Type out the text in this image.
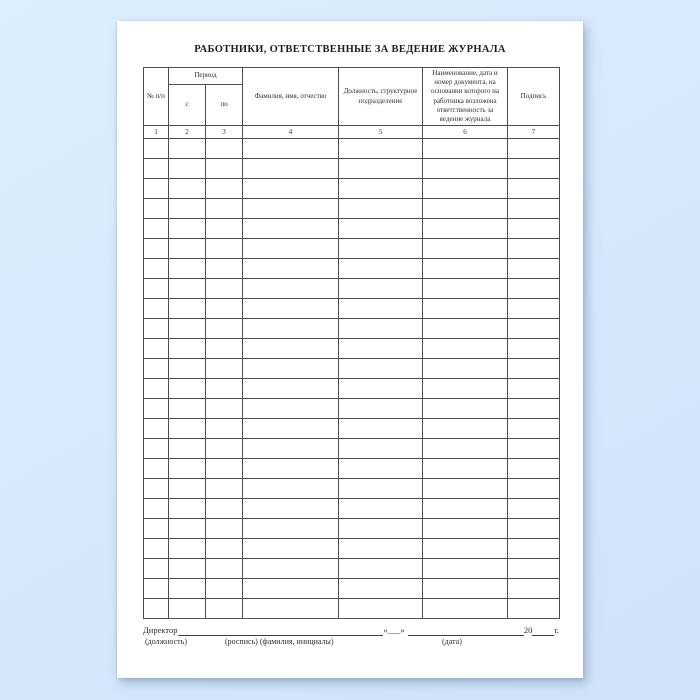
РАБОТНИКИ, ОТВЕТСТВЕННЫЕ ЗА ВЕДЕНИЕ ЖУРНАЛА
№ п/п	Период		Фамилия, имя, отчество	Должность, структурное подразделение	Наименование, дата и номер документа, на основании которого на работника возложена ответственность за ведение журнала	Подпись
	с	по				
1	2	3	4	5	6	7

Директор	«___»	20	г.
(должность)	(роспись) (фамилия, инициалы)	(дата)
